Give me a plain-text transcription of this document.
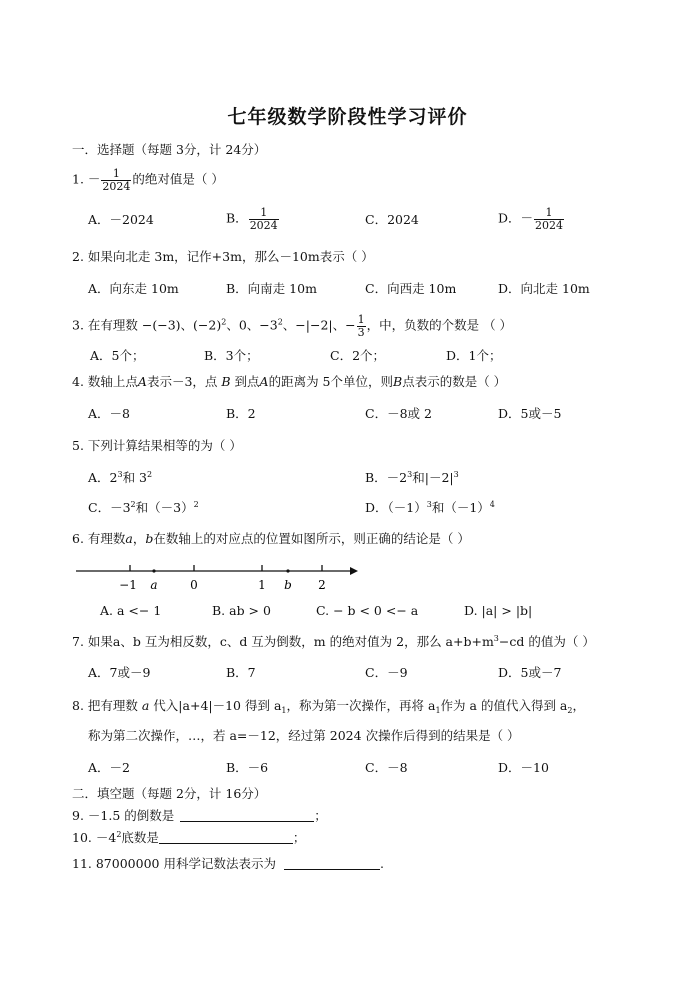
七年级数学阶段性学习评价
一．选择题（每题 3分，计 24分）
1. － $\frac{1}{2024}$ 的绝对值是（ ）
A．－2024	B． $\frac{1}{2024}$	C．2024	D．－ $\frac{1}{2024}$
2. 如果向北走 3m，记作+3m，那么－10m表示（ ）
A．向东走 10m	B．向南走 10m	C．向西走 10m	D．向北走 10m
3. 在有理数 −(−3)、$(-2)^2$、0、$-3^2$、−|−2|、− $\frac{1}{3}$ ，中，负数的个数是 （ ）
A．5个；	B．3个；	C．2个；	D．1个；
4. 数轴上点A表示－3，点 B 到点A的距离为 5个单位，则B点表示的数是（ ）
A．－8	B．2	C．－8或 2	D．5或－5
5. 下列计算结果相等的为（ ）
A．$2^3$和 $3^2$	B．$-2^3$和$|-2|^3$
C．$-3^2$和$(-3)^2$	D．$(-1)^3$和$(-1)^4$
6. 有理数a，b在数轴上的对应点的位置如图所示，则正确的结论是（ ）
−1 a	0	1 b 2
A. a <− 1	B. ab > 0	C. − b < 0 <− a	D. |a| > |b|
7. 如果a、b 互为相反数，c、d 互为倒数，m 的绝对值为 2，那么 $a+b+m^3-cd$ 的值为（ ）
A．7或－9	B．7	C．－9	D．5或－7
8. 把有理数 a 代入|a+4|－10 得到 $a_1$，称为第一次操作，再将 $a_1$作为 a 的值代入得到 $a_2$，
称为第二次操作，…，若 a=－12，经过第 2024 次操作后得到的结果是（ ）
A．－2	B．－6	C．－8	D．－10
二．填空题（每题 2分，计 16分）
9. －1.5 的倒数是	；
10. $-4^2$底数是	；
11. 87000000 用科学记数法表示为	.
